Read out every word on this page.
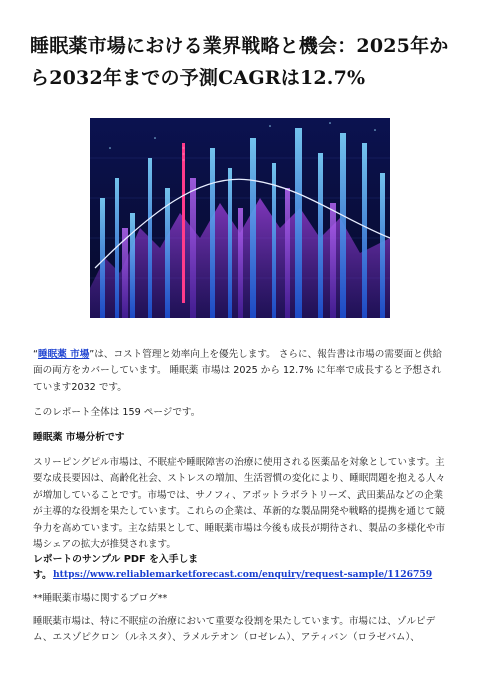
睡眠薬市場における業界戦略と機会：2025年から2032年までの予測CAGRは12.7%
“睡眠薬 市場”は、コスト管理と効率向上を優先します。 さらに、報告書は市場の需要面と供給面の両方をカバーしています。 睡眠薬 市場は 2025 から 12.7% に年率で成長すると予想されています2032 です。
このレポート全体は 159 ページです。
睡眠薬 市場分析です
スリーピングピル市場は、不眠症や睡眠障害の治療に使用される医薬品を対象としています。主要な成長要因は、高齢化社会、ストレスの増加、生活習慣の変化により、睡眠問題を抱える人々が増加していることです。市場では、サノフィ、アボットラボラトリーズ、武田薬品などの企業が主導的な役割を果たしています。これらの企業は、革新的な製品開発や戦略的提携を通じて競争力を高めています。主な結果として、睡眠薬市場は今後も成長が期待され、製品の多様化や市場シェアの拡大が推奨されます。
レポートのサンプル PDF を入手します。 https://www.reliablemarketforecast.com/enquiry/request-sample/1126759
**睡眠薬市場に関するブログ**
睡眠薬市場は、特に不眠症の治療において重要な役割を果たしています。市場には、ゾルピデム、エスゾピクロン（ルネスタ）、ラメルテオン（ロゼレム）、アティバン（ロラゼパム）、
